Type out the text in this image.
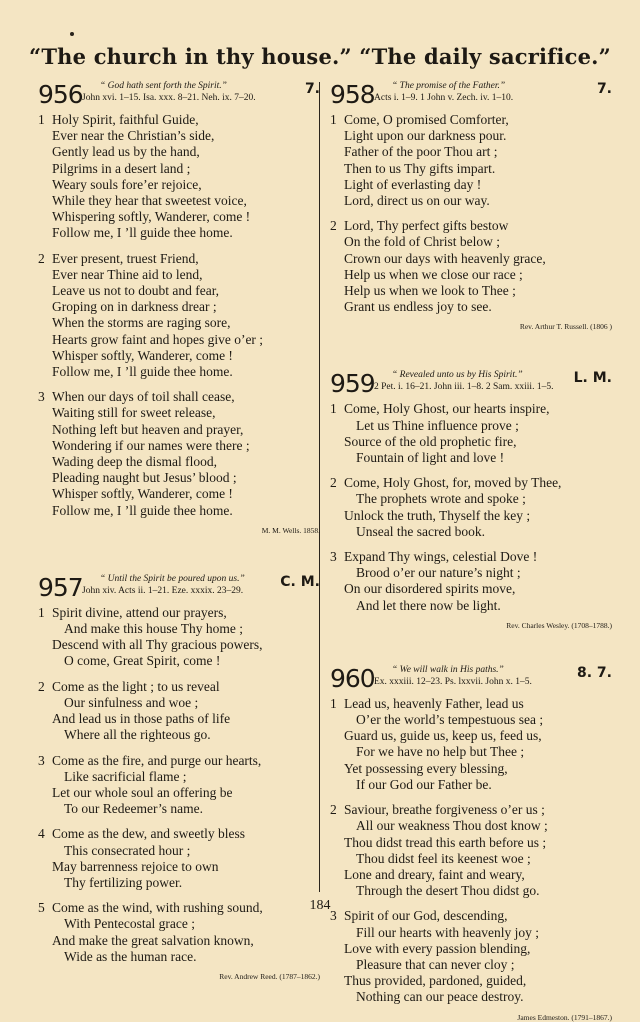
“The church in thy house.” “The daily sacrifice.”
956 “ God hath sent forth the Spirit.”
John xvi. 1–15. Isa. xxx. 8–21. Neh. ix. 7–20.
7.
1 Holy Spirit, faithful Guide,
Ever near the Christian’s side,
Gently lead us by the hand,
Pilgrims in a desert land ;
Weary souls fore’er rejoice,
While they hear that sweetest voice,
Whispering softly, Wanderer, come !
Follow me, I ’ll guide thee home.
2 Ever present, truest Friend,
Ever near Thine aid to lend,
Leave us not to doubt and fear,
Groping on in darkness drear ;
When the storms are raging sore,
Hearts grow faint and hopes give o’er ;
Whisper softly, Wanderer, come !
Follow me, I ’ll guide thee home.
3 When our days of toil shall cease,
Waiting still for sweet release,
Nothing left but heaven and prayer,
Wondering if our names were there ;
Wading deep the dismal flood,
Pleading naught but Jesus’ blood ;
Whisper softly, Wanderer, come !
Follow me, I ’ll guide thee home.
M. M. Wells. 1858.
957 “ Until the Spirit be poured upon us.”
John xiv. Acts ii. 1–21. Eze. xxxix. 23–29.
C. M.
1 Spirit divine, attend our prayers,
And make this house Thy home ;
Descend with all Thy gracious powers,
O come, Great Spirit, come !
2 Come as the light ; to us reveal
Our sinfulness and woe ;
And lead us in those paths of life
Where all the righteous go.
3 Come as the fire, and purge our hearts,
Like sacrificial flame ;
Let our whole soul an offering be
To our Redeemer’s name.
4 Come as the dew, and sweetly bless
This consecrated hour ;
May barrenness rejoice to own
Thy fertilizing power.
5 Come as the wind, with rushing sound,
With Pentecostal grace ;
And make the great salvation known,
Wide as the human race.
Rev. Andrew Reed. (1787–1862.)
958 “ The promise of the Father.”
Acts i. 1–9. 1 John v. Zech. iv. 1–10.
7.
1 Come, O promised Comforter,
Light upon our darkness pour.
Father of the poor Thou art ;
Then to us Thy gifts impart.
Light of everlasting day !
Lord, direct us on our way.
2 Lord, Thy perfect gifts bestow
On the fold of Christ below ;
Crown our days with heavenly grace,
Help us when we close our race ;
Help us when we look to Thee ;
Grant us endless joy to see.
Rev. Arthur T. Russell. (1806 )
959 “ Revealed unto us by His Spirit.”
2 Pet. i. 16–21. John iii. 1–8. 2 Sam. xxiii. 1–5.
L. M.
1 Come, Holy Ghost, our hearts inspire,
Let us Thine influence prove ;
Source of the old prophetic fire,
Fountain of light and love !
2 Come, Holy Ghost, for, moved by Thee,
The prophets wrote and spoke ;
Unlock the truth, Thyself the key ;
Unseal the sacred book.
3 Expand Thy wings, celestial Dove !
Brood o’er our nature’s night ;
On our disordered spirits move,
And let there now be light.
Rev. Charles Wesley. (1708–1788.)
960 “ We will walk in His paths.”
Ex. xxxiii. 12–23. Ps. lxxvii. John x. 1–5.
8. 7.
1 Lead us, heavenly Father, lead us
O’er the world’s tempestuous sea ;
Guard us, guide us, keep us, feed us,
For we have no help but Thee ;
Yet possessing every blessing,
If our God our Father be.
2 Saviour, breathe forgiveness o’er us ;
All our weakness Thou dost know ;
Thou didst tread this earth before us ;
Thou didst feel its keenest woe ;
Lone and dreary, faint and weary,
Through the desert Thou didst go.
3 Spirit of our God, descending,
Fill our hearts with heavenly joy ;
Love with every passion blending,
Pleasure that can never cloy ;
Thus provided, pardoned, guided,
Nothing can our peace destroy.
James Edmeston. (1791–1867.)
184
